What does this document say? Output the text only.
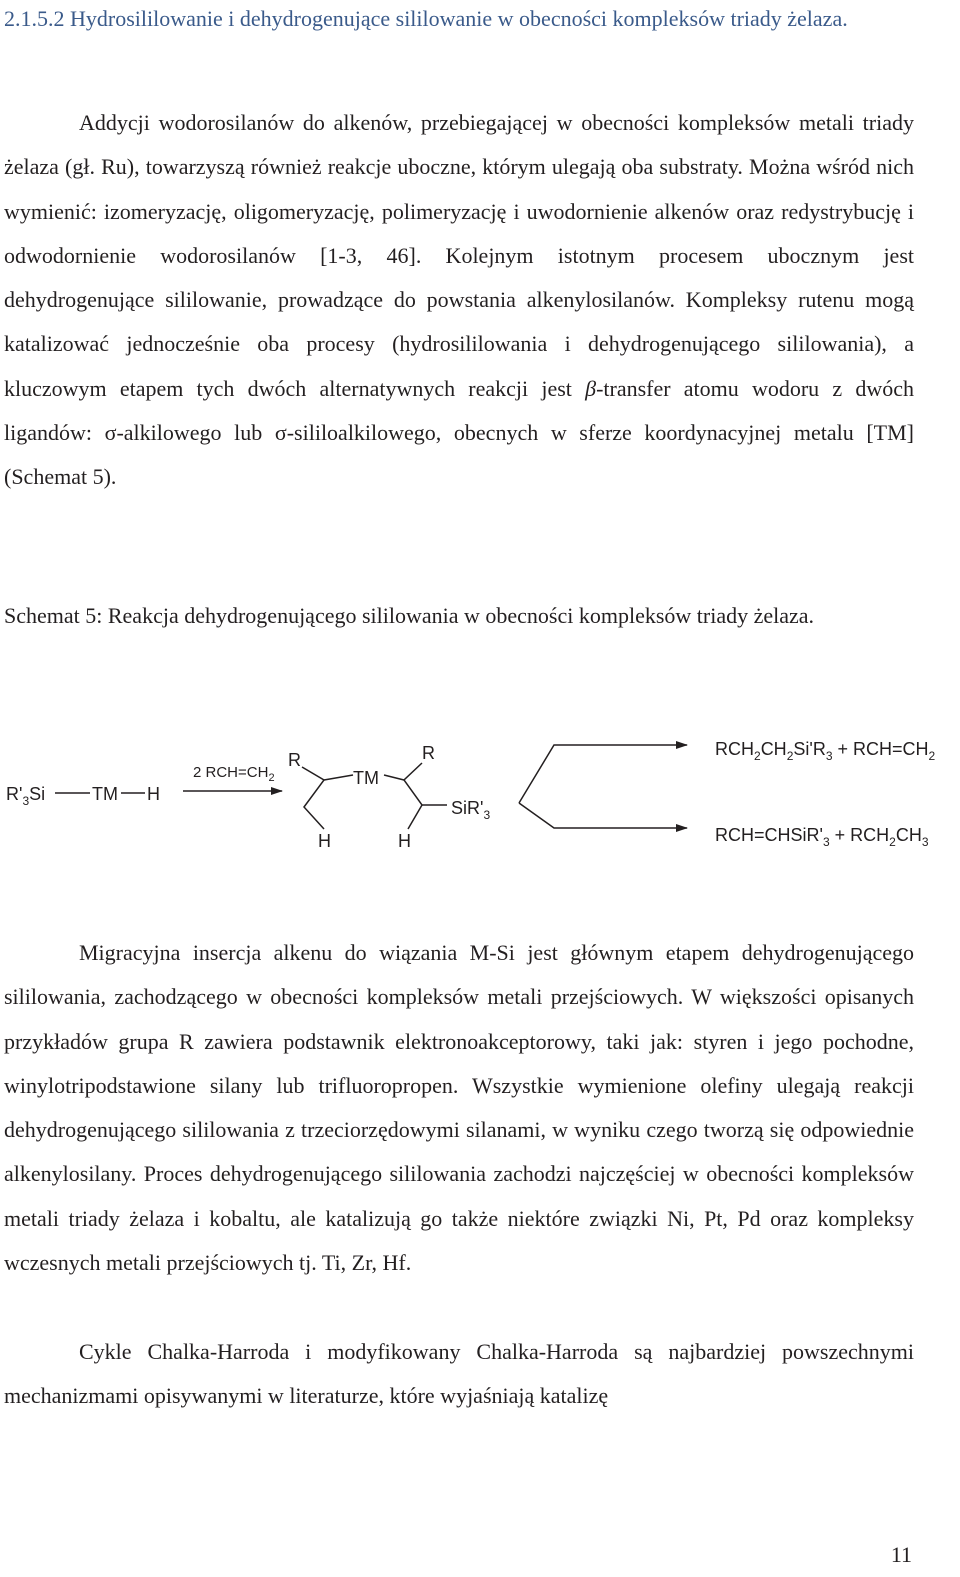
2.1.5.2 Hydrosililowanie i dehydrogenujące sililowanie w obecności kompleksów triady żelaza.

Addycji wodorosilanów do alkenów, przebiegającej w obecności kompleksów metali triady żelaza (gł. Ru), towarzyszą również reakcje uboczne, którym ulegają oba substraty. Można wśród nich wymienić: izomeryzację, oligomeryzację, polimeryzację i uwodornienie alkenów oraz redystrybucję i odwodornienie wodorosilanów [1-3, 46]. Kolejnym istotnym procesem ubocznym jest dehydrogenujące sililowanie, prowadzące do powstania alkenylosilanów. Kompleksy rutenu mogą katalizować jednocześnie oba procesy (hydrosililowania i dehydrogenującego sililowania), a kluczowym etapem tych dwóch alternatywnych reakcji jest β-transfer atomu wodoru z dwóch ligandów: σ-alkilowego lub σ-sililoalkilowego, obecnych w sferze koordynacyjnej metalu [TM] (Schemat 5).

Schemat 5: Reakcja dehydrogenującego sililowania w obecności kompleksów triady żelaza.
$R'_3Si$	TM H
2 $RCH=CH_2$
R
TM
R
H	H
$SiR'_3$
$RCH_2CH_2Si'R_3 + RCH=CH_2$
$RCH=CHSiR'_3 + RCH_2CH_3$

Migracyjna insercja alkenu do wiązania M-Si jest głównym etapem dehydrogenującego sililowania, zachodzącego w obecności kompleksów metali przejściowych. W większości opisanych przykładów grupa R zawiera podstawnik elektronoakceptorowy, taki jak: styren i jego pochodne, winylotripodstawione silany lub trifluoropropen. Wszystkie wymienione olefiny ulegają reakcji dehydrogenującego sililowania z trzeciorzędowymi silanami, w wyniku czego tworzą się odpowiednie alkenylosilany. Proces dehydrogenującego sililowania zachodzi najczęściej w obecności kompleksów metali triady żelaza i kobaltu, ale katalizują go także niektóre związki Ni, Pt, Pd oraz kompleksy wczesnych metali przejściowych tj. Ti, Zr, Hf.

Cykle Chalka-Harroda i modyfikowany Chalka-Harroda są najbardziej powszechnymi mechanizmami opisywanymi w literaturze, które wyjaśniają katalizę

11
